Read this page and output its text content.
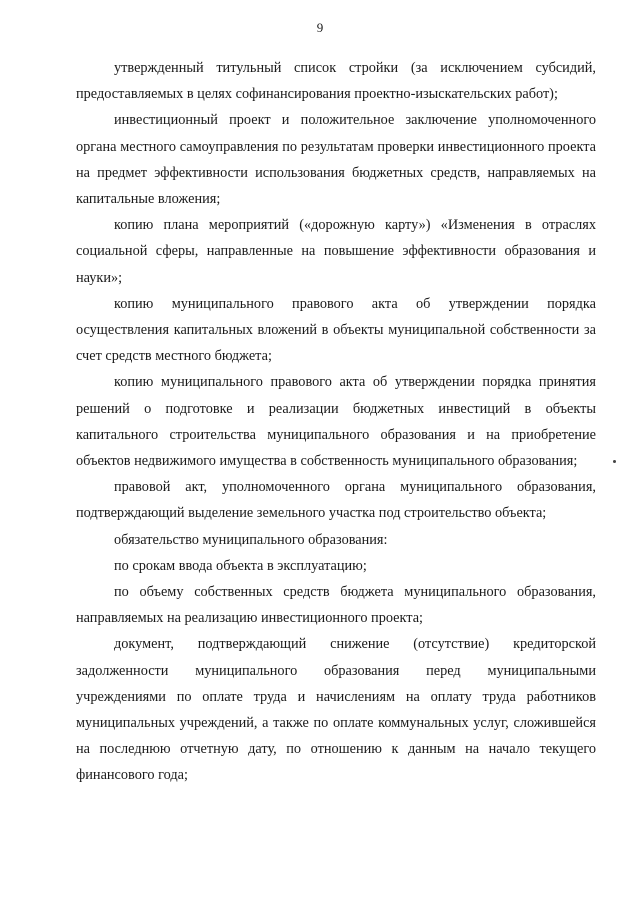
9

утвержденный титульный список стройки (за исключением субсидий, предоставляемых в целях софинансирования проектно-изыскательских работ);

инвестиционный проект и положительное заключение уполномоченного органа местного самоуправления по результатам проверки инвестиционного проекта на предмет эффективности использования бюджетных средств, направляемых на капитальные вложения;

копию плана мероприятий («дорожную карту») «Изменения в отраслях социальной сферы, направленные на повышение эффективности образования и науки»;

копию муниципального правового акта об утверждении порядка осуществления капитальных вложений в объекты муниципальной собственности за счет средств местного бюджета;

копию муниципального правового акта об утверждении порядка принятия решений о подготовке и реализации бюджетных инвестиций в объекты капитального строительства муниципального образования и на приобретение объектов недвижимого имущества в собственность муниципального образования;

правовой акт, уполномоченного органа муниципального образования, подтверждающий выделение земельного участка под строительство объекта;

обязательство муниципального образования:

по срокам ввода объекта в эксплуатацию;

по объему собственных средств бюджета муниципального образования, направляемых на реализацию инвестиционного проекта;

документ, подтверждающий снижение (отсутствие) кредиторской задолженности муниципального образования перед муниципальными учреждениями по оплате труда и начислениям на оплату труда работников муниципальных учреждений, а также по оплате коммунальных услуг, сложившейся на последнюю отчетную дату, по отношению к данным на начало текущего финансового года;
